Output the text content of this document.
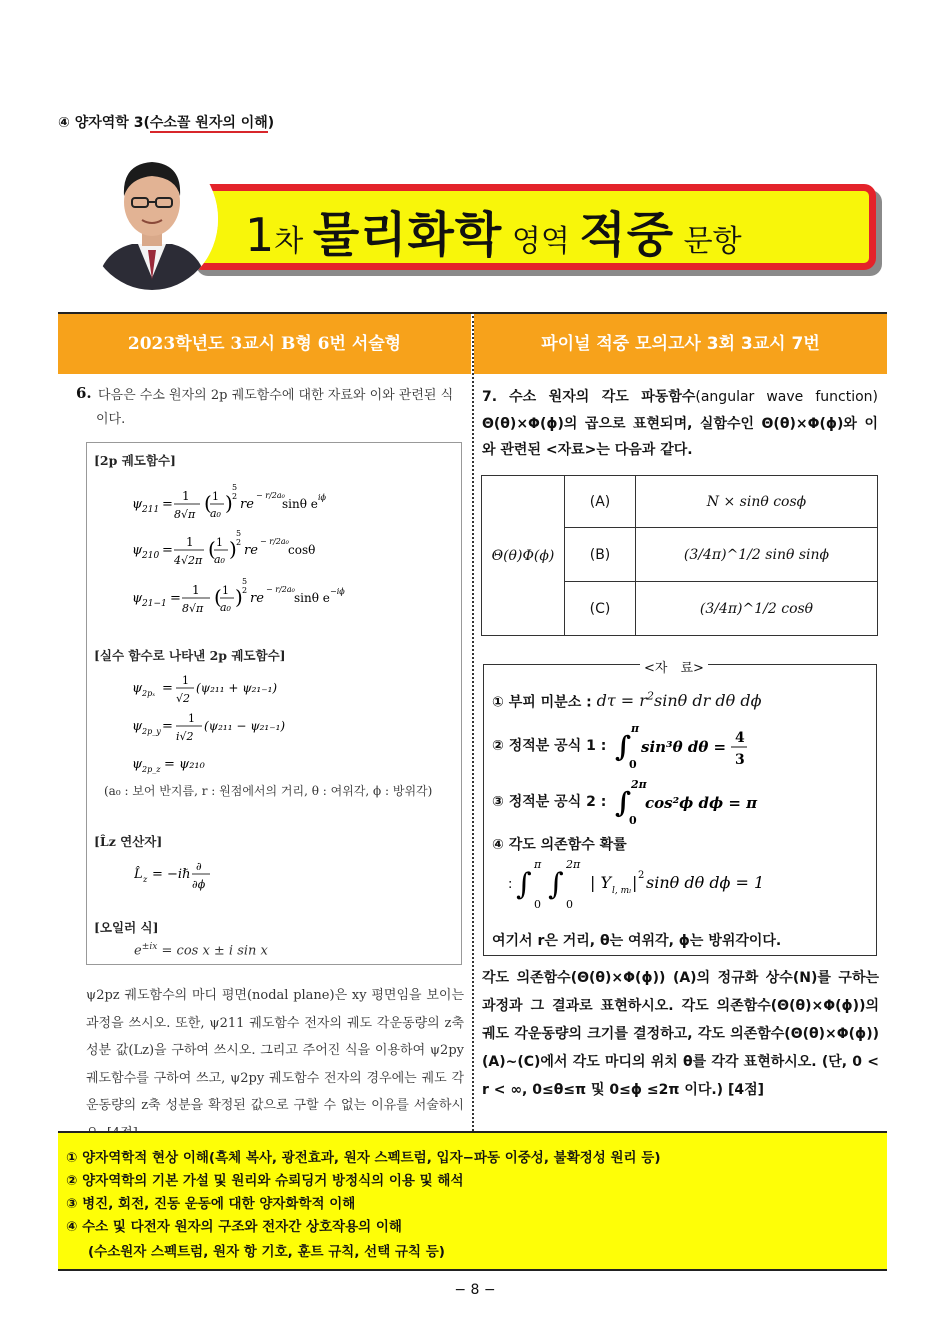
④ 양자역학 3(수소꼴 원자의 이해)
1차 물리화학 영역 적중 문항
2023학년도 3교시 B형 6번 서술형	파이널 적중 모의고사 3회 3교시 7번
6. 다음은 수소 원자의 2p 궤도함수에 대한 자료와 이와 관련된 식이다.
[2p 궤도함수]
ψ 211 =
1
8√π ( 1
a₀ )
5
2
re
− r/2a₀
sinθ e iϕ
ψ 210 =
1
4√2π ( 1
a₀ )
5
2
re
− r/2a₀
cosθ
ψ 21−1 =
1
8√π ( 1
a₀ )
5
2
re
− r/2a₀
sinθ e −iϕ
[실수 함수로 나타낸 2p 궤도함수]
ψ 2pₓ =
1
√2
(ψ₂₁₁ + ψ₂₁₋₁)
ψ 2p_y =
1
i√2
(ψ₂₁₁ − ψ₂₁₋₁)
ψ 2p_z = ψ₂₁₀
(a₀ : 보어 반지름, r : 원점에서의 거리, θ : 여위각, ϕ : 방위각)
[L̂z 연산자]
L̂ z = −iℏ
∂
∂ϕ
[오일러 식]
$e^{\pm ix} = \cos x \pm i$ sin x
ψ2pz 궤도함수의 마디 평면(nodal plane)은 xy 평면임을 보이는 과정을 쓰시오. 또한, ψ211 궤도함수 전자의 궤도 각운동량의 z축 성분 값(Lz)을 구하여 쓰시오. 그리고 주어진 식을 이용하여 ψ2py 궤도함수를 구하여 쓰고, ψ2py 궤도함수 전자의 경우에는 궤도 각운동량의 z축 성분을 확정된 값으로 구할 수 없는 이유를 서술하시
7. 수소 원자의 각도 파동함수(angular wave function) Θ(θ)×Φ(ϕ)의 곱으로 표현되며, 실함수인 Θ(θ)×Φ(ϕ)와 이와 관련된 <자료>는 다음과 같다.
Θ(θ)Φ(ϕ)	(A)	N × sinθ cosϕ
	(B)	(3/4π)^1/2 sinθ sinϕ
	(C)	(3/4π)^1/2 cosθ
<자　료>
① 부피 미분소 : $d\tau = r^2\sin\theta$ dr dθ dϕ
② 정적분 공식 1 : ∫
π
0
sin³θ dθ = 4
3
③ 정적분 공식 2 : ∫
2π
0
cos²ϕ dϕ = π
④ 각도 의존함수 확률
: ∫
π
0
∫
2π
0
| Y l, mₗ | 2 sinθ dθ dϕ = 1
여기서 r은 거리, θ는 여위각, ϕ는 방위각이다.
각도 의존함수(Θ(θ)×Φ(ϕ)) (A)의 정규화 상수(N)를 구하는 과정과 그 결과로 표현하시오. 각도 의존함수(Θ(θ)×Φ(ϕ))의 궤도 각운동량의 크기를 결정하고, 각도 의존함수(Θ(θ)×Φ(ϕ)) (A)~(C)에서 각도 마디의 위치 θ를 각각 표현하시오. (단, 0 < r < ∞, 0≤θ≤π 및 0≤ϕ ≤2π 이다.) [4점]
① 양자역학적 현상 이해(흑체 복사, 광전효과, 원자 스펙트럼, 입자−파동 이중성, 불확정성 원리 등)
② 양자역학의 기본 가설 및 원리와 슈뢰딩거 방정식의 이용 및 해석
③ 병진, 회전, 진동 운동에 대한 양자화학적 이해
④ 수소 및 다전자 원자의 구조와 전자간 상호작용의 이해
(수소원자 스펙트럼, 원자 항 기호, 훈트 규칙, 선택 규칙 등)
− 8 −
